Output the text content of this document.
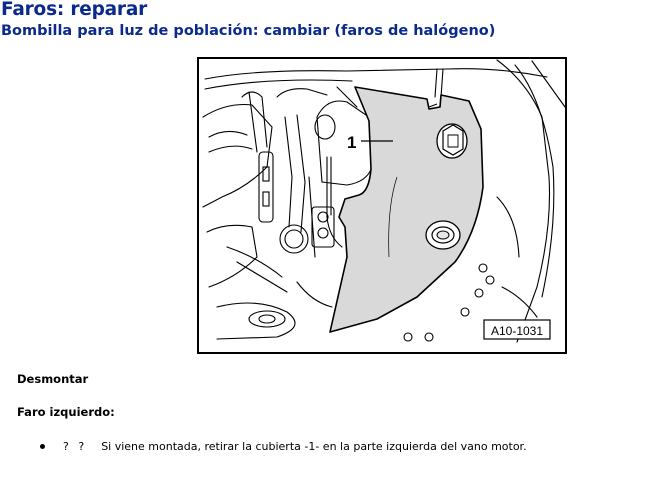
Faros: reparar
Bombilla para luz de población: cambiar (faros de halógeno)
1
A10-1031
Desmontar
Faro izquierdo:
? ? Si viene montada, retirar la cubierta -1- en la parte izquierda del vano motor.
